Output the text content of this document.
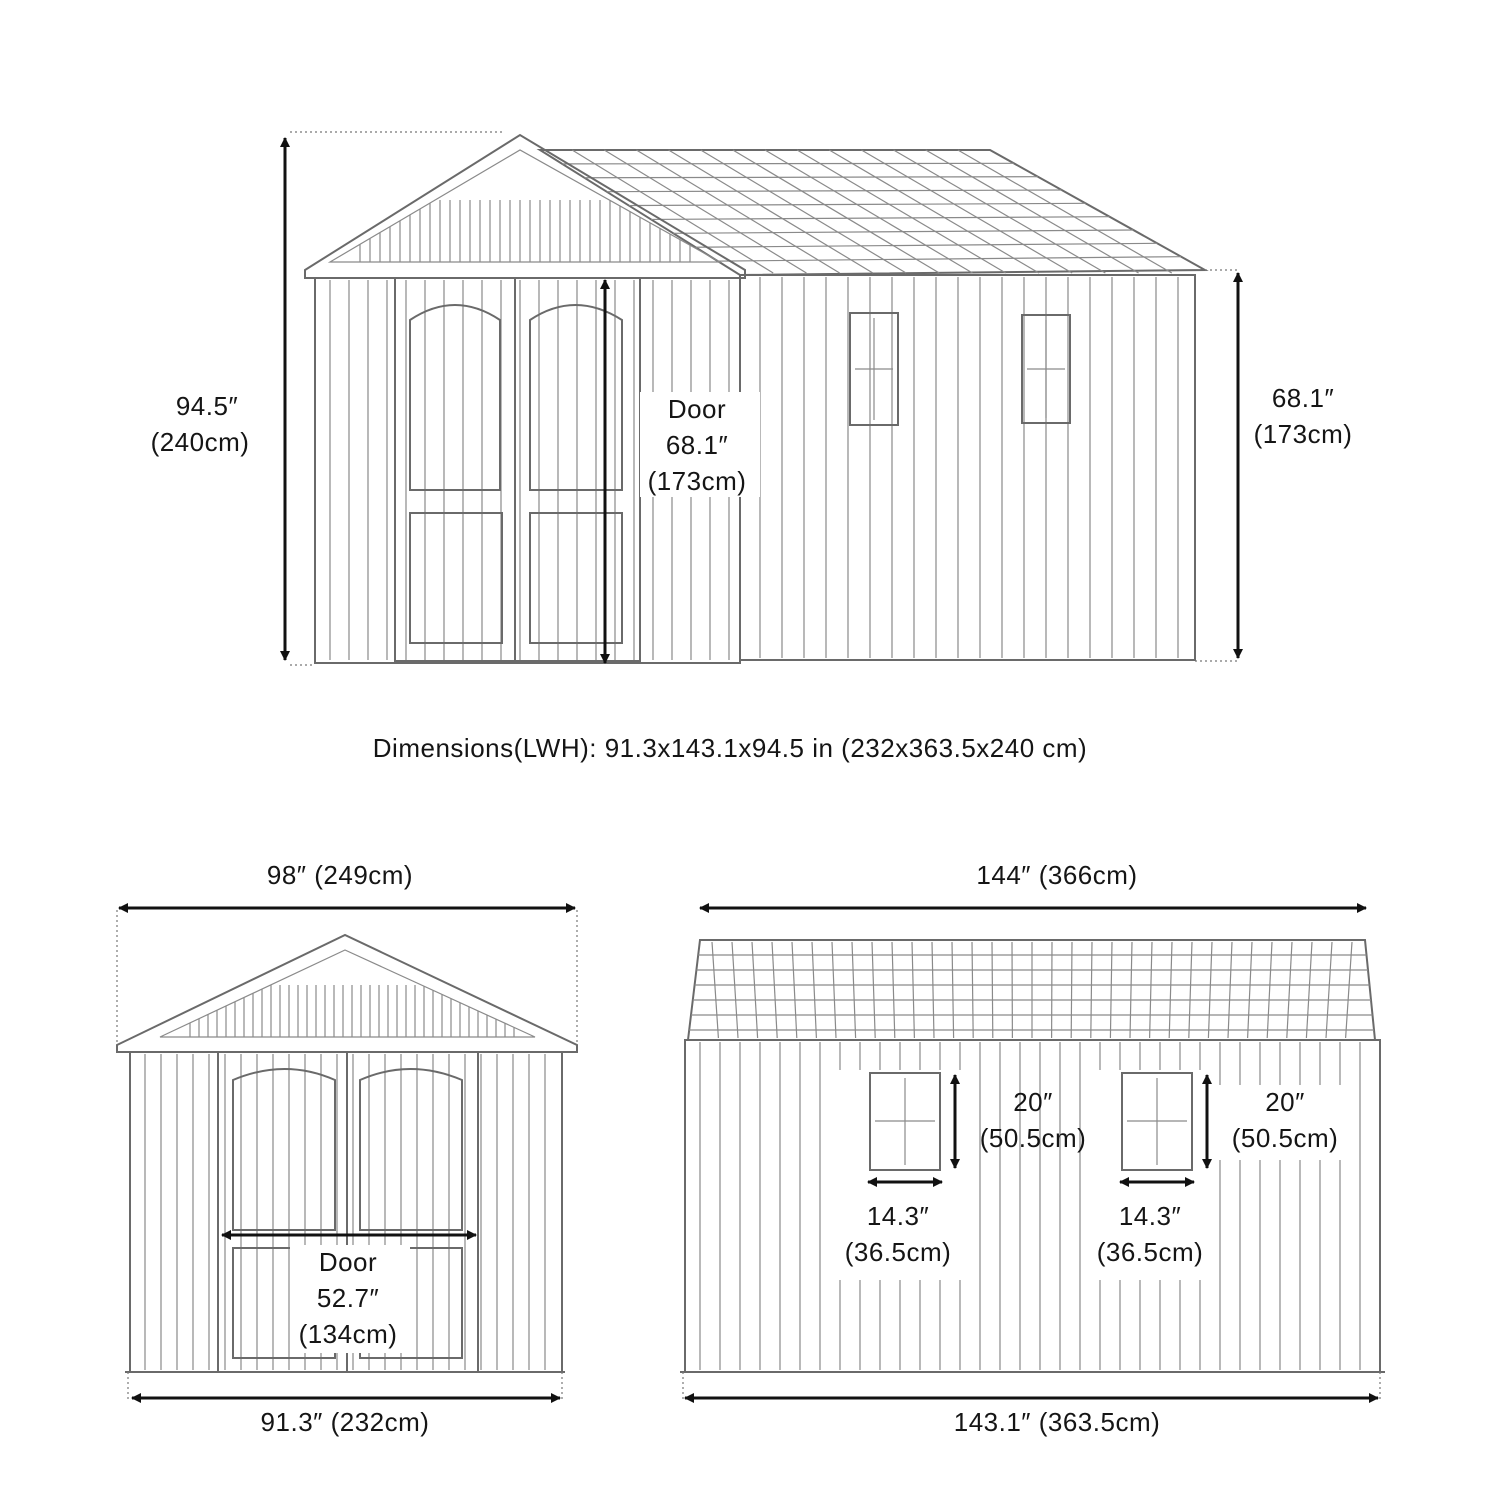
94.5″
(240cm)
Door
68.1″
(173cm)
68.1″
(173cm)
Dimensions(LWH): 91.3x143.1x94.5 in (232x363.5x240 cm)
98″ (249cm)
Door
52.7″
(134cm)
91.3″ (232cm)
144″ (366cm)
20″
(50.5cm)
14.3″
(36.5cm)
20″
(50.5cm)
14.3″
(36.5cm)
143.1″ (363.5cm)
